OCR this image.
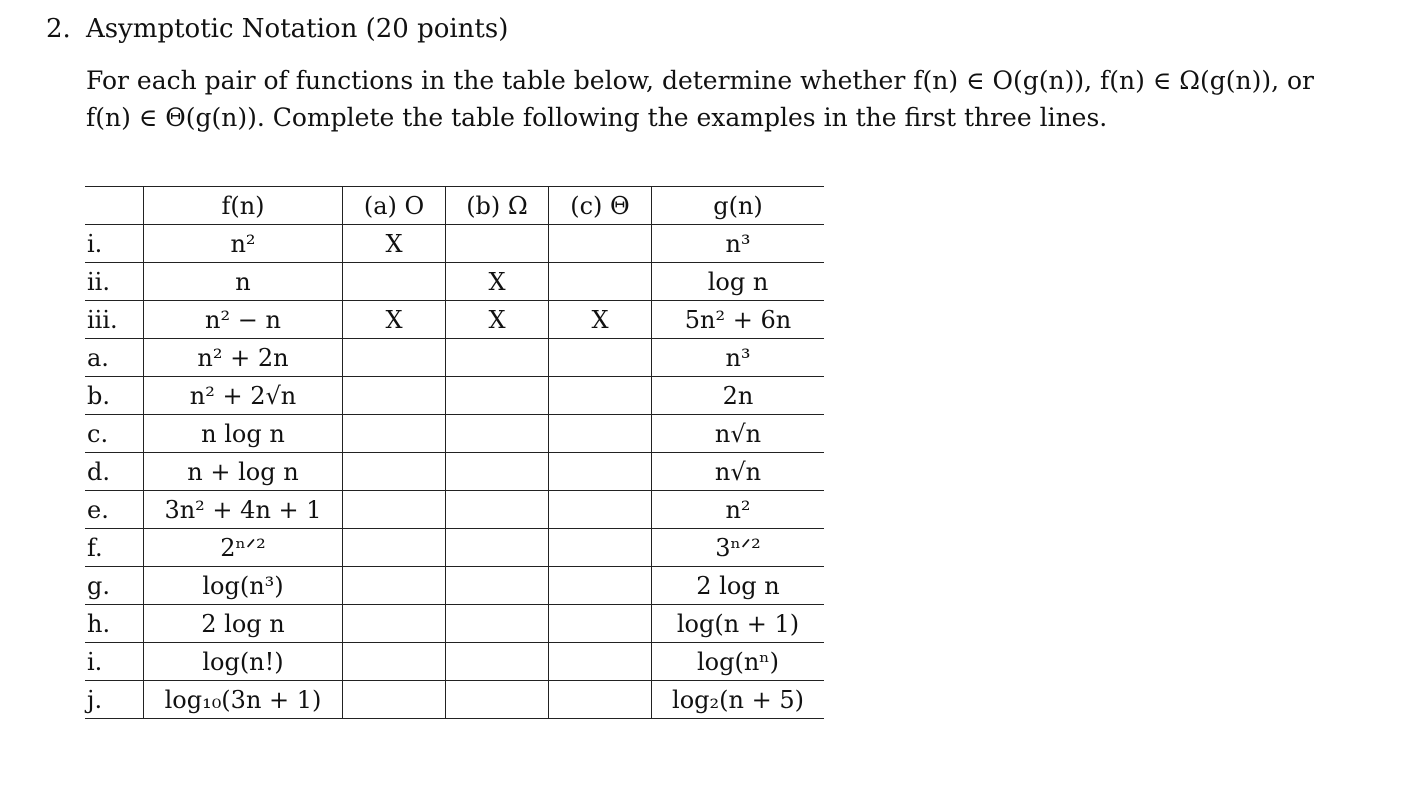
2. Asymptotic Notation (20 points)
For each pair of functions in the table below, determine whether f(n) ∈ O(g(n)), f(n) ∈ Ω(g(n)), or
f(n) ∈ Θ(g(n)). Complete the table following the examples in the first three lines.
	f(n)	(a) O	(b) Ω	(c) Θ	g(n)
i.	n²	X			n³
ii.	n		X		log n
iii.	n² − n	X	X	X	5n² + 6n
a.	n² + 2n				n³
b.	n² + 2√n				2n
c.	n log n				n√n
d.	n + log n				n√n
e.	3n² + 4n + 1				n²
f.	2ⁿᐟ²				3ⁿᐟ²
g.	log(n³)				2 log n
h.	2 log n				log(n + 1)
i.	log(n!)				log(nⁿ)
j.	log₁₀(3n + 1)				log₂(n + 5)
